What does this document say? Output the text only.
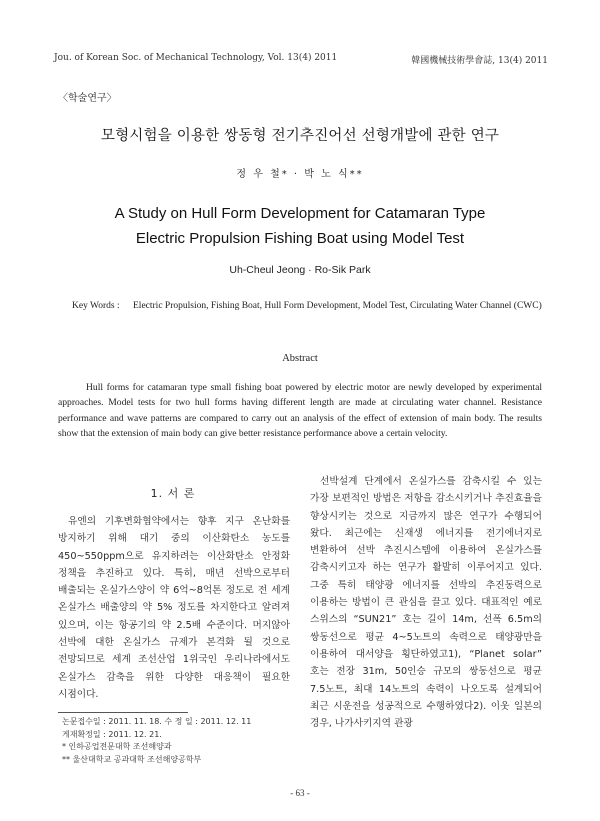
Jou. of Korean Soc. of Mechanical Technology, Vol. 13(4) 2011	韓國機械技術學會誌, 13(4) 2011
〈학술연구〉
모형시험을 이용한 쌍동형 전기추진어선 선형개발에 관한 연구
정 우 철* · 박 노 식**
A Study on Hull Form Development for Catamaran Type
Electric Propulsion Fishing Boat using Model Test
Uh-Cheul Jeong · Ro-Sik Park
Key Words :	Electric Propulsion, Fishing Boat, Hull Form Development, Model Test, Circulating Water Channel (CWC)
Abstract

Hull forms for catamaran type small fishing boat powered by electric motor are newly developed by experimental approaches. Model tests for two hull forms having different length are made at circulating water channel. Resistance performance and wave patterns are compared to carry out an analysis of the effect of extension of main body. The results show that the extension of main body can give better resistance performance above a certain velocity.

1. 서 론

유엔의 기후변화협약에서는 향후 지구 온난화를 방지하기 위해 대기 중의 이산화탄소 농도를 450~550ppm으로 유지하려는 이산화탄소 안정화 정책을 추진하고 있다. 특히, 매년 선박으로부터 배출되는 온실가스양이 약 6억~8억톤 정도로 전 세계 온실가스 배출양의 약 5% 정도를 차지한다고 알려져 있으며, 이는 항공기의 약 2.5배 수준이다. 머지않아 선박에 대한 온실가스 규제가 본격화 될 것으로 전망되므로 세계 조선산업 1위국인 우리나라에서도 온실가스 감축을 위한 다양한 대응책이 필요한 시점이다.

선박설계 단계에서 온실가스를 감축시킬 수 있는 가장 보편적인 방법은 저항을 감소시키거나 추진효율을 향상시키는 것으로 지금까지 많은 연구가 수행되어 왔다. 최근에는 신재생 에너지를 전기에너지로 변환하여 선박 추진시스템에 이용하여 온실가스를 감축시키고자 하는 연구가 활발히 이루어지고 있다. 그중 특히 태양광 에너지를 선박의 추진동력으로 이용하는 방법이 큰 관심을 끌고 있다. 대표적인 예로 스위스의 “SUN21” 호는 길이 14m, 선폭 6.5m의 쌍동선으로 평균 4~5노트의 속력으로 태양광만을 이용하여 대서양을 횡단하였고1), “Planet solar” 호는 전장 31m, 50인승 규모의 쌍동선으로 평균 7.5노트, 최대 14노트의 속력이 나오도록 설계되어 최근 시운전을 성공적으로 수행하였다2). 이웃 일본의 경우, 나가사키지역 관광

논문접수일 : 2011. 11. 18. 수 정 일 : 2011. 12. 11
게재확정일 : 2011. 12. 21.
* 인하공업전문대학 조선해양과
** 울산대학교 공과대학 조선해양공학부
- 63 -
